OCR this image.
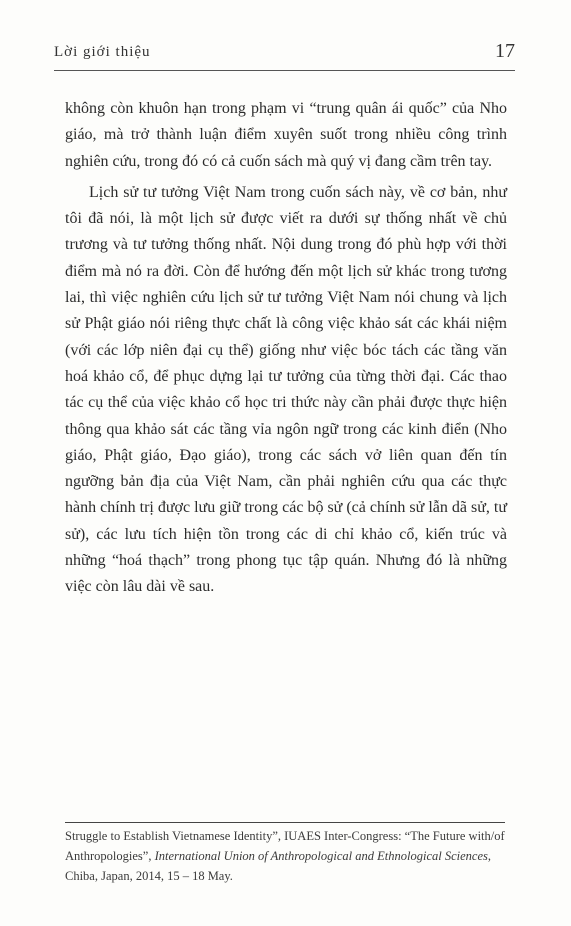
Lời giới thiệu	17

không còn khuôn hạn trong phạm vi “trung quân ái quốc” của Nho giáo, mà trở thành luận điểm xuyên suốt trong nhiều công trình nghiên cứu, trong đó có cả cuốn sách mà quý vị đang cầm trên tay.

Lịch sử tư tưởng Việt Nam trong cuốn sách này, về cơ bản, như tôi đã nói, là một lịch sử được viết ra dưới sự thống nhất về chủ trương và tư tưởng thống nhất. Nội dung trong đó phù hợp với thời điểm mà nó ra đời. Còn để hướng đến một lịch sử khác trong tương lai, thì việc nghiên cứu lịch sử tư tưởng Việt Nam nói chung và lịch sử Phật giáo nói riêng thực chất là công việc khảo sát các khái niệm (với các lớp niên đại cụ thể) giống như việc bóc tách các tầng văn hoá khảo cổ, để phục dựng lại tư tưởng của từng thời đại. Các thao tác cụ thể của việc khảo cổ học tri thức này cần phải được thực hiện thông qua khảo sát các tầng vỉa ngôn ngữ trong các kinh điển (Nho giáo, Phật giáo, Đạo giáo), trong các sách vở liên quan đến tín ngưỡng bản địa của Việt Nam, cần phải nghiên cứu qua các thực hành chính trị được lưu giữ trong các bộ sử (cả chính sử lẫn dã sử, tư sử), các lưu tích hiện tồn trong các di chỉ khảo cổ, kiến trúc và những “hoá thạch” trong phong tục tập quán. Nhưng đó là những việc còn lâu dài về sau.

Struggle to Establish Vietnamese Identity”, IUAES Inter-Congress: “The Future with/of Anthropologies”, International Union of Anthropological and Ethnological Sciences, Chiba, Japan, 2014, 15 – 18 May.
